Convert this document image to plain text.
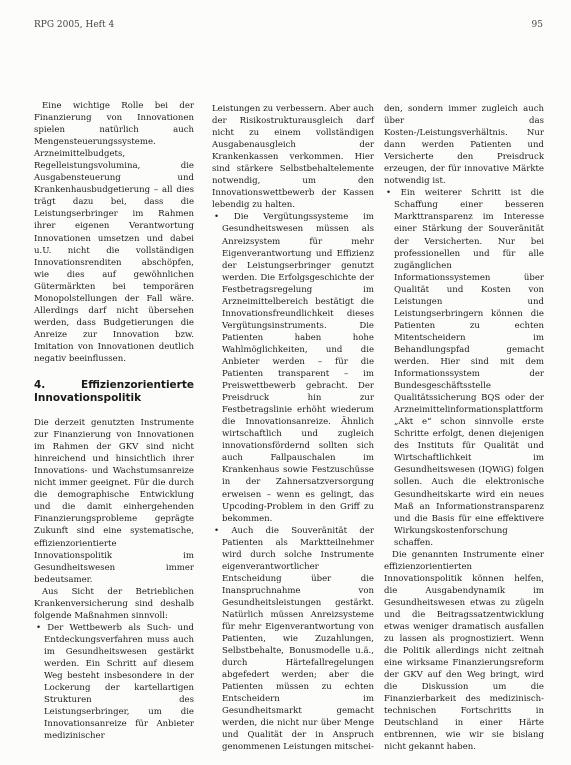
RPG 2005, Heft 4	95

Eine wichtige Rolle bei der Finanzierung von Innovationen spielen natürlich auch Mengensteuerungssysteme. Arzneimittelbudgets, Regelleistungsvolumina, die Ausgabensteuerung und Krankenhausbudgetierung – all dies trägt dazu bei, dass die Leistungserbringer im Rahmen ihrer eigenen Verantwortung Innovationen umsetzen und dabei u.U. nicht die vollständigen Innovationsrenditen abschöpfen, wie dies auf gewöhnlichen Gütermärkten bei temporären Monopolstellungen der Fall wäre. Allerdings darf nicht übersehen werden, dass Budgetierungen die Anreize zur Innovation bzw. Imitation von Innovationen deutlich negativ beeinflussen.

4. Effizienzorientierte Innovationspolitik

Die derzeit genutzten Instrumente zur Finanzierung von Innovationen im Rahmen der GKV sind nicht hinreichend und hinsichtlich ihrer Innovations- und Wachstumsanreize nicht immer geeignet. Für die durch die demographische Entwicklung und die damit einhergehenden Finanzierungsprobleme geprägte Zukunft sind eine systematische, effizienzorientierte Innovationspolitik im Gesundheitswesen immer bedeutsamer.

Aus Sicht der Betrieblichen Krankenversicherung sind deshalb folgende Maßnahmen sinnvoll:

• Der Wettbewerb als Such- und Entdeckungsverfahren muss auch im Gesundheitswesen gestärkt werden. Ein Schritt auf diesem Weg besteht insbesondere in der Lockerung der kartellartigen Strukturen des Leistungserbringer, um die Innovationsanreize für Anbieter medizinischer

Leistungen zu verbessern. Aber auch der Risikostrukturausgleich darf nicht zu einem vollständigen Ausgabenausgleich der Krankenkassen verkommen. Hier sind stärkere Selbstbehaltelemente notwendig, um den Innovationswettbewerb der Kassen lebendig zu halten.

• Die Vergütungssysteme im Gesundheitswesen müssen als Anreizsystem für mehr Eigenverantwortung und Effizienz der Leistungserbringer genutzt werden. Die Erfolgsgeschichte der Festbetragsregelung im Arzneimittelbereich bestätigt die Innovationsfreundlichkeit dieses Vergütungsinstruments. Die Patienten haben hohe Wahlmöglichkeiten, und die Anbieter werden – für die Patienten transparent – im Preiswettbewerb gebracht. Der Preisdruck hin zur Festbetragslinie erhöht wiederum die Innovationsanreize. Ähnlich wirtschaftlich und zugleich innovationsfördernd sollten sich auch Fallpauschalen im Krankenhaus sowie Festzuschüsse in der Zahnersatzversorgung erweisen – wenn es gelingt, das Upcoding-Problem in den Griff zu bekommen.

• Auch die Souveränität der Patienten als Marktteilnehmer wird durch solche Instrumente eigenverantwortlicher Entscheidung über die Inanspruchnahme von Gesundheitsleistungen gestärkt. Natürlich müssen Anreizsysteme für mehr Eigenverantwortung von Patienten, wie Zuzahlungen, Selbstbehalte, Bonusmodelle u.ä., durch Härtefallregelungen abgefedert werden; aber die Patienten müssen zu echten Entscheidern im Gesundheitsmarkt gemacht werden, die nicht nur über Menge und Qualität der in Anspruch genommenen Leistungen mitschei-

den, sondern immer zugleich auch über das Kosten-/Leistungsverhältnis. Nur dann werden Patienten und Versicherte den Preisdruck erzeugen, der für innovative Märkte notwendig ist.

• Ein weiterer Schritt ist die Schaffung einer besseren Markttransparenz im Interesse einer Stärkung der Souveränität der Versicherten. Nur bei professionellen und für alle zugänglichen Informationssystemen über Qualität und Kosten von Leistungen und Leistungserbringern können die Patienten zu echten Mitentscheidern im Behandlungspfad gemacht werden. Hier sind mit dem Informationssystem der Bundesgeschäftsstelle Qualitätssicherung BQS oder der Arzneimittelinformationsplattform „Akt e“ schon sinnvolle erste Schritte erfolgt, denen diejenigen des Instituts für Qualität und Wirtschaftlichkeit im Gesundheitswesen (IQWiG) folgen sollen. Auch die elektronische Gesundheitskarte wird ein neues Maß an Informationstransparenz und die Basis für eine effektivere Wirkungskostenforschung schaffen.

Die genannten Instrumente einer effizienzorientierten Innovationspolitik können helfen, die Ausgabendynamik im Gesundheitswesen etwas zu zügeln und die Beitragssatzentwicklung etwas weniger dramatisch ausfallen zu lassen als prognostiziert. Wenn die Politik allerdings nicht zeitnah eine wirksame Finanzierungsreform der GKV auf den Weg bringt, wird die Diskussion um die Finanzierbarkeit des medizinisch-technischen Fortschritts in Deutschland in einer Härte entbrennen, wie wir sie bislang nicht gekannt haben.
